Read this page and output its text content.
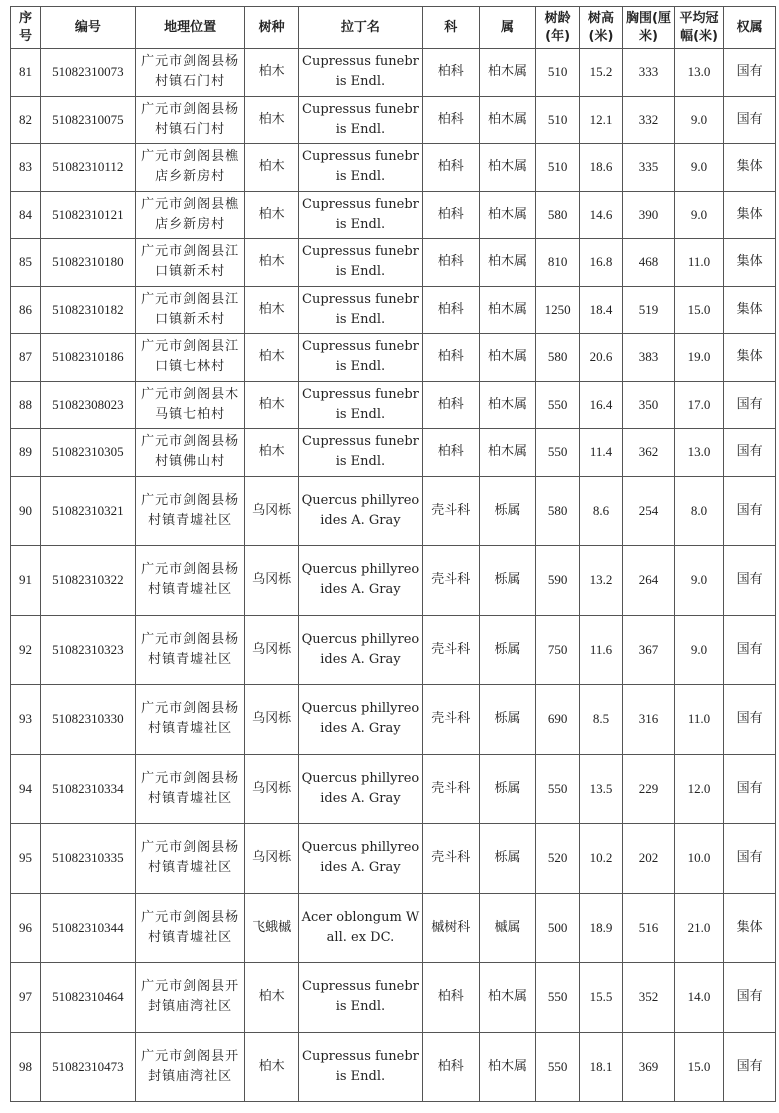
序号	编号	地理位置	树种	拉丁名	科	属	树龄(年)	树高(米)	胸围(厘米)	平均冠幅(米)	权属
81	51082310073	广元市剑阁县杨村镇石门村	柏木	Cupressus funebris Endl.	柏科	柏木属	510	15.2	333	13.0	国有
82	51082310075	广元市剑阁县杨村镇石门村	柏木	Cupressus funebris Endl.	柏科	柏木属	510	12.1	332	9.0	国有
83	51082310112	广元市剑阁县樵店乡新房村	柏木	Cupressus funebris Endl.	柏科	柏木属	510	18.6	335	9.0	集体
84	51082310121	广元市剑阁县樵店乡新房村	柏木	Cupressus funebris Endl.	柏科	柏木属	580	14.6	390	9.0	集体
85	51082310180	广元市剑阁县江口镇新禾村	柏木	Cupressus funebris Endl.	柏科	柏木属	810	16.8	468	11.0	集体
86	51082310182	广元市剑阁县江口镇新禾村	柏木	Cupressus funebris Endl.	柏科	柏木属	1250	18.4	519	15.0	集体
87	51082310186	广元市剑阁县江口镇七林村	柏木	Cupressus funebris Endl.	柏科	柏木属	580	20.6	383	19.0	集体
88	51082308023	广元市剑阁县木马镇七柏村	柏木	Cupressus funebris Endl.	柏科	柏木属	550	16.4	350	17.0	国有
89	51082310305	广元市剑阁县杨村镇佛山村	柏木	Cupressus funebris Endl.	柏科	柏木属	550	11.4	362	13.0	国有
90	51082310321	广元市剑阁县杨村镇青墟社区	乌冈栎	Quercus phillyreoides A. Gray	壳斗科	栎属	580	8.6	254	8.0	国有
91	51082310322	广元市剑阁县杨村镇青墟社区	乌冈栎	Quercus phillyreoides A. Gray	壳斗科	栎属	590	13.2	264	9.0	国有
92	51082310323	广元市剑阁县杨村镇青墟社区	乌冈栎	Quercus phillyreoides A. Gray	壳斗科	栎属	750	11.6	367	9.0	国有
93	51082310330	广元市剑阁县杨村镇青墟社区	乌冈栎	Quercus phillyreoides A. Gray	壳斗科	栎属	690	8.5	316	11.0	国有
94	51082310334	广元市剑阁县杨村镇青墟社区	乌冈栎	Quercus phillyreoides A. Gray	壳斗科	栎属	550	13.5	229	12.0	国有
95	51082310335	广元市剑阁县杨村镇青墟社区	乌冈栎	Quercus phillyreoides A. Gray	壳斗科	栎属	520	10.2	202	10.0	国有
96	51082310344	广元市剑阁县杨村镇青墟社区	飞蛾槭	Acer oblongum Wall. ex DC.	槭树科	槭属	500	18.9	516	21.0	集体
97	51082310464	广元市剑阁县开封镇庙湾社区	柏木	Cupressus funebris Endl.	柏科	柏木属	550	15.5	352	14.0	国有
98	51082310473	广元市剑阁县开封镇庙湾社区	柏木	Cupressus funebris Endl.	柏科	柏木属	550	18.1	369	15.0	国有
